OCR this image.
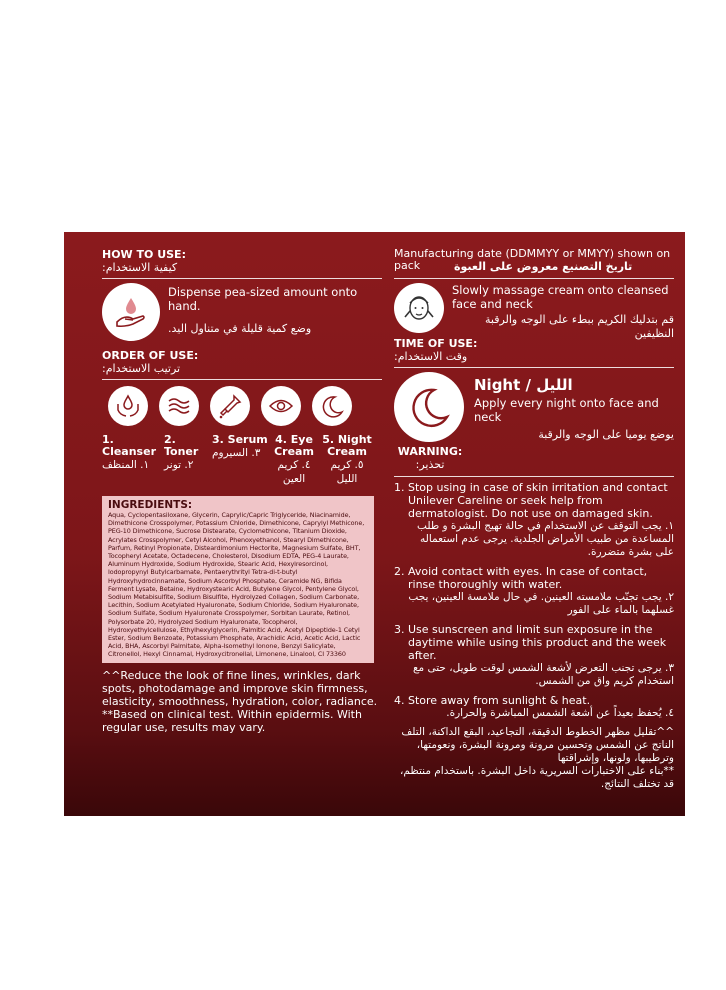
HOW TO USE:
كيفية الاستخدام:
Dispense pea-sized amount onto hand.
وضع كمية قليلة في متناول اليد.
ORDER OF USE:
ترتيب الاستخدام:
1. Cleanser
١. المنظف
2. Toner
٢. تونر
3. Serum
٣. السيروم
4. Eye Cream
٤. كريم العين
5. Night Cream
٥. كريم الليل
INGREDIENTS:
Aqua, Cyclopentasiloxane, Glycerin, Caprylic/Capric Triglyceride, Niacinamide, Dimethicone Crosspolymer, Potassium Chloride, Dimethicone, Caprylyl Methicone, PEG-10 Dimethicone, Sucrose Distearate, Cyclomethicone, Titanium Dioxide, Acrylates Crosspolymer, Cetyl Alcohol, Phenoxyethanol, Stearyl Dimethicone, Parfum, Retinyl Propionate, Disteardimonium Hectorite, Magnesium Sulfate, BHT, Tocopheryl Acetate, Octadecene, Cholesterol, Disodium EDTA, PEG-4 Laurate, Aluminum Hydroxide, Sodium Hydroxide, Stearic Acid, Hexylresorcinol, Iodopropynyl Butylcarbamate, Pentaerythrityl Tetra-di-t-butyl Hydroxyhydrocinnamate, Sodium Ascorbyl Phosphate, Ceramide NG, Bifida Ferment Lysate, Betaine, Hydroxystearic Acid, Butylene Glycol, Pentylene Glycol, Sodium Metabisulfite, Sodium Bisulfite, Hydrolyzed Collagen, Sodium Carbonate, Lecithin, Sodium Acetylated Hyaluronate, Sodium Chloride, Sodium Hyaluronate, Sodium Sulfate, Sodium Hyaluronate Crosspolymer, Sorbitan Laurate, Retinol, Polysorbate 20, Hydrolyzed Sodium Hyaluronate, Tocopherol, Hydroxyethylcellulose, Ethylhexylglycerin, Palmitic Acid, Acetyl Dipeptide-1 Cetyl Ester, Sodium Benzoate, Potassium Phosphate, Arachidic Acid, Acetic Acid, Lactic Acid, BHA, Ascorbyl Palmitate, Alpha-Isomethyl Ionone, Benzyl Salicylate, Citronellol, Hexyl Cinnamal, Hydroxycitronellal, Limonene, Linalool, CI 73360
^^Reduce the look of fine lines, wrinkles, dark spots, photodamage and improve skin firmness, elasticity, smoothness, hydration, color, radiance.
**Based on clinical test. Within epidermis. With regular use, results may vary.
Manufacturing date (DDMMYY or MMYY) shown on pack	تاريخ التصنيع معروض على العبوة
Slowly massage cream onto cleansed face and neck
قم بتدليك الكريم ببطء على الوجه والرقبة النظيفين
TIME OF USE:
وقت الاستخدام:
WARNING:
تحذير:
Night / الليل
Apply every night onto face and neck
يوضع يوميا على الوجه والرقبة
1. Stop using in case of skin irritation and contact Unilever Careline or seek help from dermatologist. Do not use on damaged skin.
١. يجب التوقف عن الاستخدام في حالة تهيج البشرة و طلب المساعدة من طبيب الأمراض الجلدية. يرجى عدم استعماله على بشرة متضررة.
2. Avoid contact with eyes. In case of contact, rinse thoroughly with water.
٢. يجب تجنّب ملامسته العينين. في حال ملامسة العينين، يجب غسلهما بالماء على الفور
3. Use sunscreen and limit sun exposure in the daytime while using this product and the week after.
٣. يرجى تجنب التعرض لأشعة الشمس لوقت طويل، حتى مع استخدام كريم واق من الشمس.
4. Store away from sunlight & heat.
٤. يُحفظ بعيداً عن أشعة الشمس المباشرة والحرارة.
^^تقليل مظهر الخطوط الدقيقة، التجاعيد، البقع الداكنة، التلف الناتج عن الشمس وتحسين مرونة ومرونة البشرة، ونعومتها، وترطيبها، ولونها، وإشراقتها
**بناء على الاختبارات السريرية داخل البشرة. باستخدام منتظم، قد تختلف النتائج.
